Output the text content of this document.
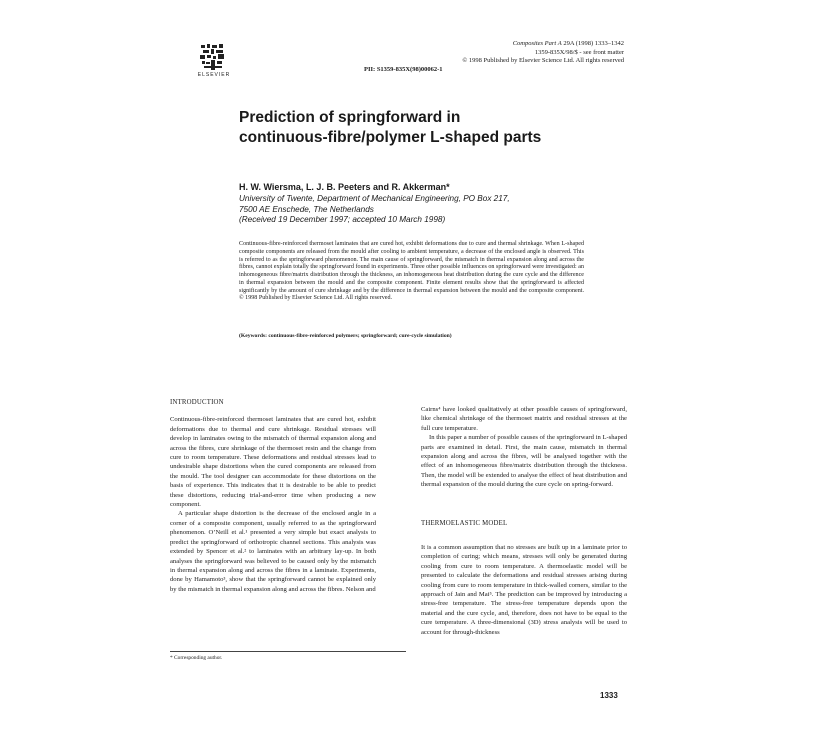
ELSEVIER
Composites Part A 29A (1998) 1333–1342
1359-835X/98/$ - see front matter
© 1998 Published by Elsevier Science Ltd. All rights reserved
PII: S1359-835X(98)00062-1
Prediction of springforward in
continuous-fibre/polymer L-shaped parts
H. W. Wiersma, L. J. B. Peeters and R. Akkerman*
University of Twente, Department of Mechanical Engineering, PO Box 217,
7500 AE Enschede, The Netherlands
(Received 19 December 1997; accepted 10 March 1998)
Continuous-fibre-reinforced thermoset laminates that are cured hot, exhibit deformations due to cure and thermal shrinkage. When L-shaped composite components are released from the mould after cooling to ambient temperature, a decrease of the enclosed angle is observed. This is referred to as the springforward phenomenon. The main cause of springforward, the mismatch in thermal expansion along and across the fibres, cannot explain totally the springforward found in experiments. Three other possible influences on springforward were investigated: an inhomogeneous fibre/matrix distribution through the thickness, an inhomogeneous heat distribution during the cure cycle and the difference in thermal expansion between the mould and the composite component. Finite element results show that the springforward is affected significantly by the amount of cure shrinkage and by the difference in thermal expansion between the mould and the composite component. © 1998 Published by Elsevier Science Ltd. All rights reserved.
(Keywords: continuous-fibre-reinforced polymers; springforward; cure-cycle simulation)
INTRODUCTION

Continuous-fibre-reinforced thermoset laminates that are cured hot, exhibit deformations due to thermal and cure shrinkage. Residual stresses will develop in laminates owing to the mismatch of thermal expansion along and across the fibres, cure shrinkage of the thermoset resin and the change from cure to room temperature. These deformations and residual stresses lead to undesirable shape distortions when the cured components are released from the mould. The tool designer can accommodate for these distortions on the basis of experience. This indicates that it is desirable to be able to predict these distortions, reducing trial-and-error time when producing a new component.

A particular shape distortion is the decrease of the enclosed angle in a corner of a composite component, usually referred to as the springforward phenomenon. O’Neill et al.¹ presented a very simple but exact analysis to predict the springforward of orthotropic channel sections. This analysis was extended by Spencer et al.² to laminates with an arbitrary lay-up. In both analyses the springforward was believed to be caused only by the mismatch in thermal expansion along and across the fibres in a laminate. Experiments, done by Hamamoto³, show that the springforward cannot be explained only by the mismatch in thermal expansion along and across the fibres. Nelson and

Cairns⁴ have looked qualitatively at other possible causes of springforward, like chemical shrinkage of the thermoset matrix and residual stresses at the full cure temperature.

In this paper a number of possible causes of the springforward in L-shaped parts are examined in detail. First, the main cause, mismatch in thermal expansion along and across the fibres, will be analysed together with the effect of an inhomogeneous fibre/matrix distribution through the thickness. Then, the model will be extended to analyse the effect of heat distribution and thermal expansion of the mould during the cure cycle on spring-forward.

THERMOELASTIC MODEL

It is a common assumption that no stresses are built up in a laminate prior to completion of curing; which means, stresses will only be generated during cooling from cure to room temperature. A thermoelastic model will be presented to calculate the deformations and residual stresses arising during cooling from cure to room temperature in thick-walled corners, similar to the approach of Jain and Mai⁵. The prediction can be improved by introducing a stress-free temperature. The stress-free temperature depends upon the material and the cure cycle, and, therefore, does not have to be equal to the cure temperature. A three-dimensional (3D) stress analysis will be used to account for through-thickness

* Corresponding author.
1333
